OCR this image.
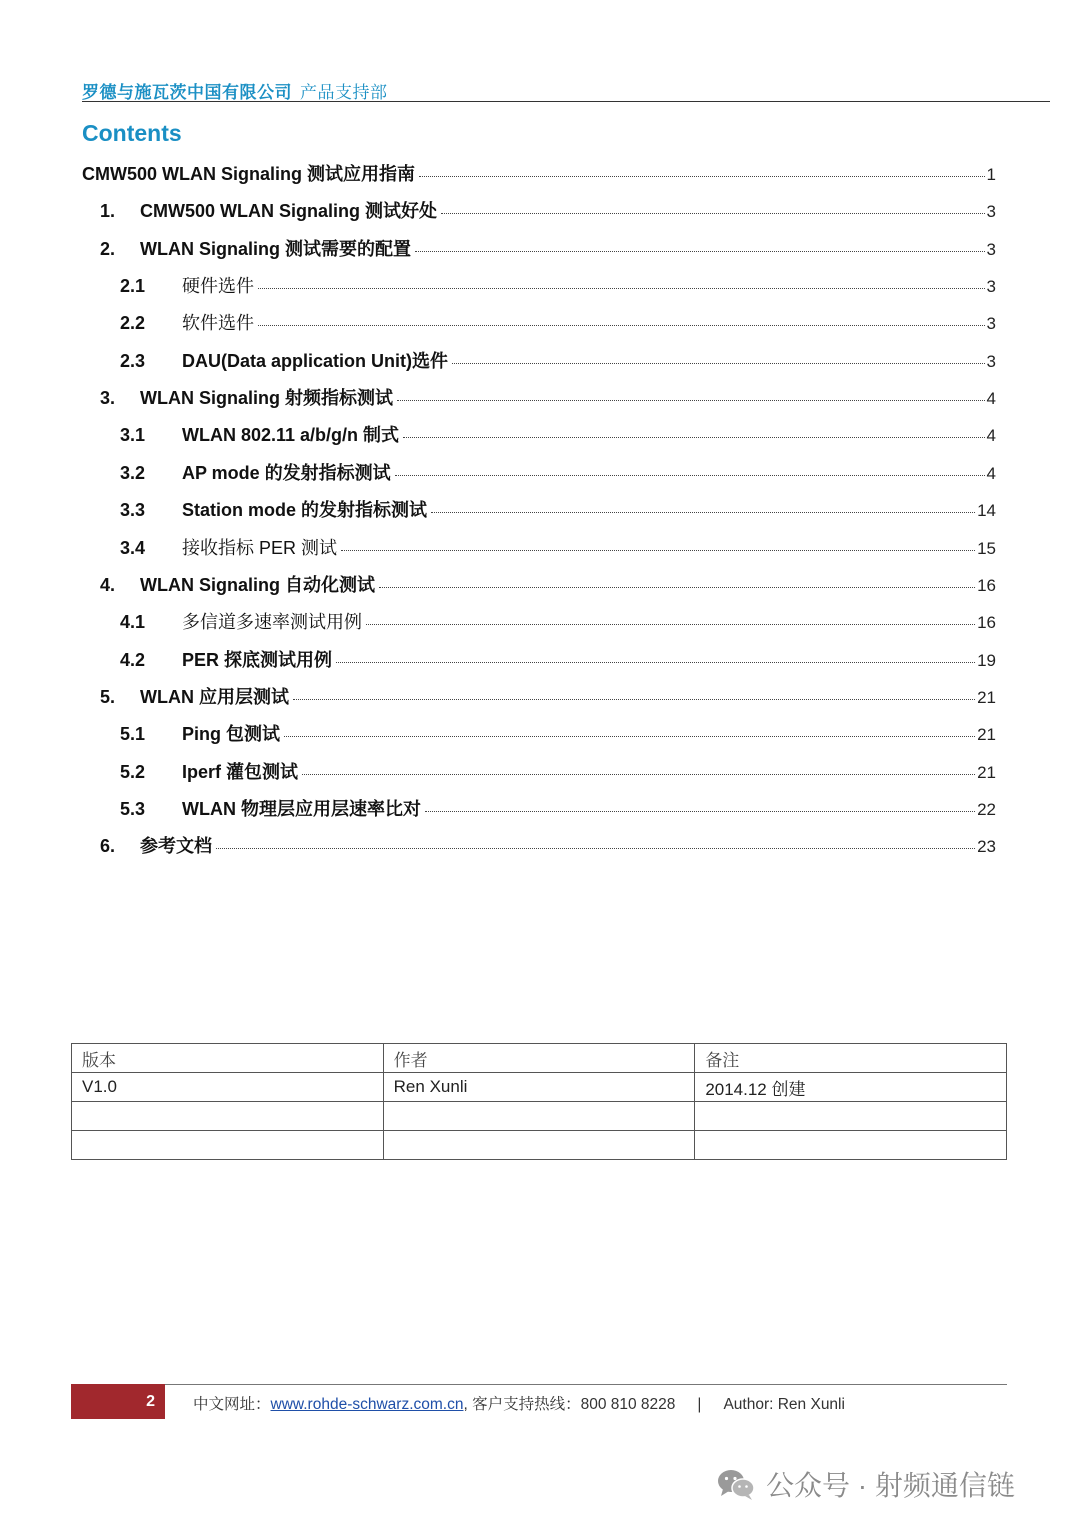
罗德与施瓦茨中国有限公司 产品支持部
Contents
CMW500 WLAN Signaling 测试应用指南	1
1.	CMW500 WLAN Signaling 测试好处	3
2.	WLAN Signaling 测试需要的配置	3
2.1	硬件选件	3
2.2	软件选件	3
2.3	DAU(Data application Unit)选件	3
3.	WLAN Signaling 射频指标测试	4
3.1	WLAN 802.11 a/b/g/n 制式	4
3.2	AP mode 的发射指标测试	4
3.3	Station mode 的发射指标测试	14
3.4	接收指标 PER 测试	15
4.	WLAN Signaling 自动化测试	16
4.1	多信道多速率测试用例	16
4.2	PER 探底测试用例	19
5.	WLAN 应用层测试	21
5.1	Ping 包测试	21
5.2	Iperf 灌包测试	21
5.3	WLAN 物理层应用层速率比对	22
6.	参考文档	23
版本	作者	备注
V1.0	Ren Xunli	2014.12 创建

2 中文网址：www.rohde-schwarz.com.cn, 客户支持热线：800 810 8228 | Author: Ren Xunli
公众号 · 射频通信链
